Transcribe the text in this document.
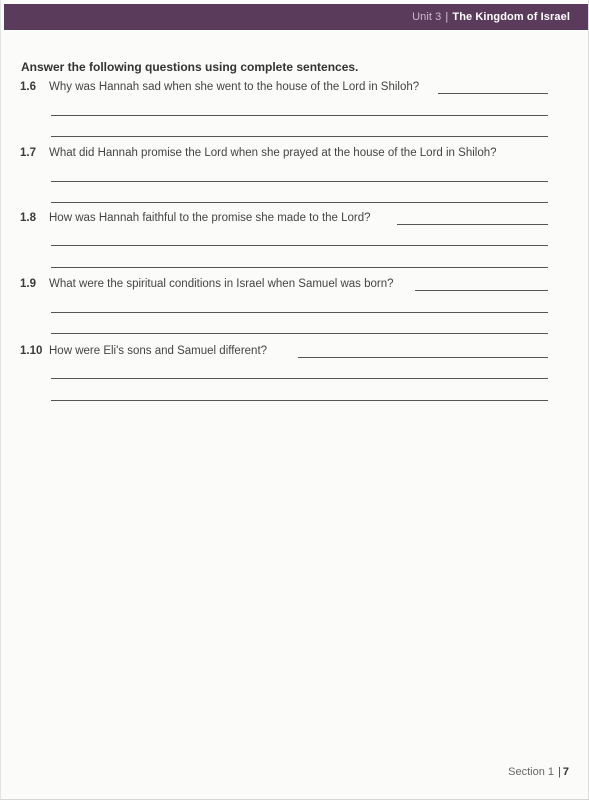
Unit 3 | The Kingdom of Israel
Answer the following questions using complete sentences.
1.6 Why was Hannah sad when she went to the house of the Lord in Shiloh?
1.7 What did Hannah promise the Lord when she prayed at the house of the Lord in Shiloh?
1.8 How was Hannah faithful to the promise she made to the Lord?
1.9 What were the spiritual conditions in Israel when Samuel was born?
1.10 How were Eli's sons and Samuel different?
Section 1 | 7
